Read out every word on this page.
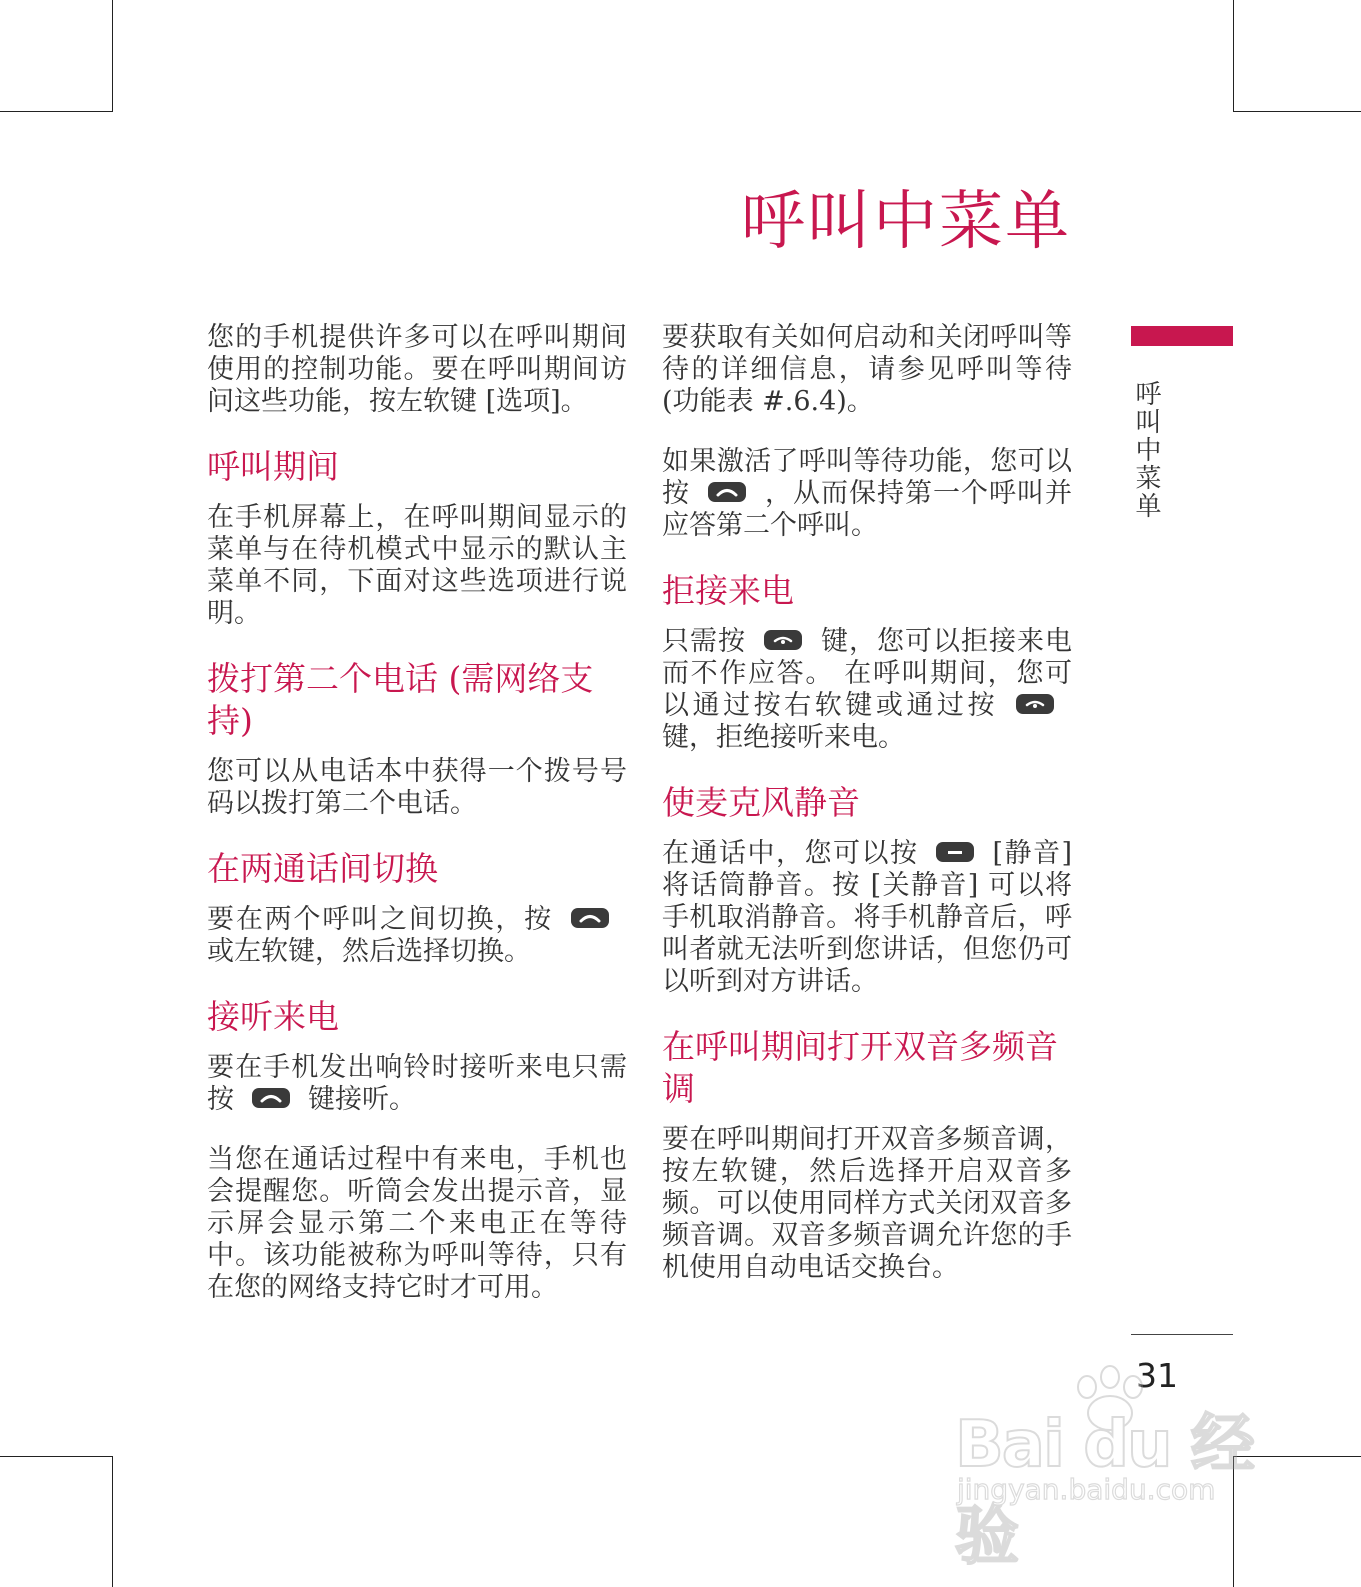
呼叫中菜单
呼叫中菜单

您的手机提供许多可以在呼叫期间使用的控制功能。要在呼叫期间访问这些功能，按左软键 [选项]。

呼叫期间

在手机屏幕上，在呼叫期间显示的菜单与在待机模式中显示的默认主菜单不同，下面对这些选项进行说明。

拨打第二个电话 (需网络支持)

您可以从电话本中获得一个拨号号码以拨打第二个电话。

在两通话间切换

要在两个呼叫之间切换，按
或左软键，然后选择切换。

接听来电

要在手机发出响铃时接听来电只需按	键接听。

当您在通话过程中有来电，手机也会提醒您。听筒会发出提示音，显示屏会显示第二个来电正在等待中。该功能被称为呼叫等待，只有在您的网络支持它时才可用。

要获取有关如何启动和关闭呼叫等待的详细信息，请参见呼叫等待 (功能表 #.6.4)。

如果激活了呼叫等待功能，您可以按	，从而保持第一个呼叫并应答第二个呼叫。

拒接来电

只需按	键，您可以拒接来电而不作应答。 在呼叫期间，您可以通过按右软键或通过按
键，拒绝接听来电。

使麦克风静音

在通话中，您可以按	[静音] 将话筒静音。按 [关静音] 可以将手机取消静音。将手机静音后，呼叫者就无法听到您讲话，但您仍可以听到对方讲话。

在呼叫期间打开双音多频音调

要在呼叫期间打开双音多频音调，按左软键，然后选择开启双音多频。可以使用同样方式关闭双音多频音调。双音多频音调允许您的手机使用自动电话交换台。

31
Bai du 经验
jingyan.baidu.com
